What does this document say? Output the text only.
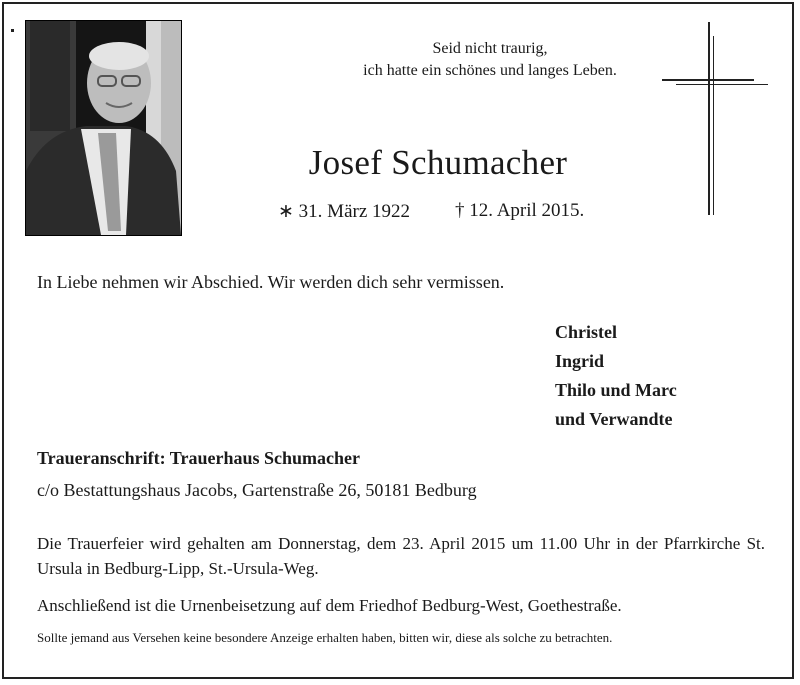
Seid nicht traurig,
ich hatte ein schönes und langes Leben.
Josef Schumacher
∗ 31. März 1922 † 12. April 2015.
In Liebe nehmen wir Abschied. Wir werden dich sehr vermissen.
Christel
Ingrid
Thilo und Marc
und Verwandte
Traueranschrift: Trauerhaus Schumacher
c/o Bestattungshaus Jacobs, Gartenstraße 26, 50181 Bedburg
Die Trauerfeier wird gehalten am Donnerstag, dem 23. April 2015 um 11.00 Uhr in der Pfarrkirche St. Ursula in Bedburg-Lipp, St.-Ursula-Weg.
Anschließend ist die Urnenbeisetzung auf dem Friedhof Bedburg-West, Goethestraße.
Sollte jemand aus Versehen keine besondere Anzeige erhalten haben, bitten wir, diese als solche zu betrachten.
